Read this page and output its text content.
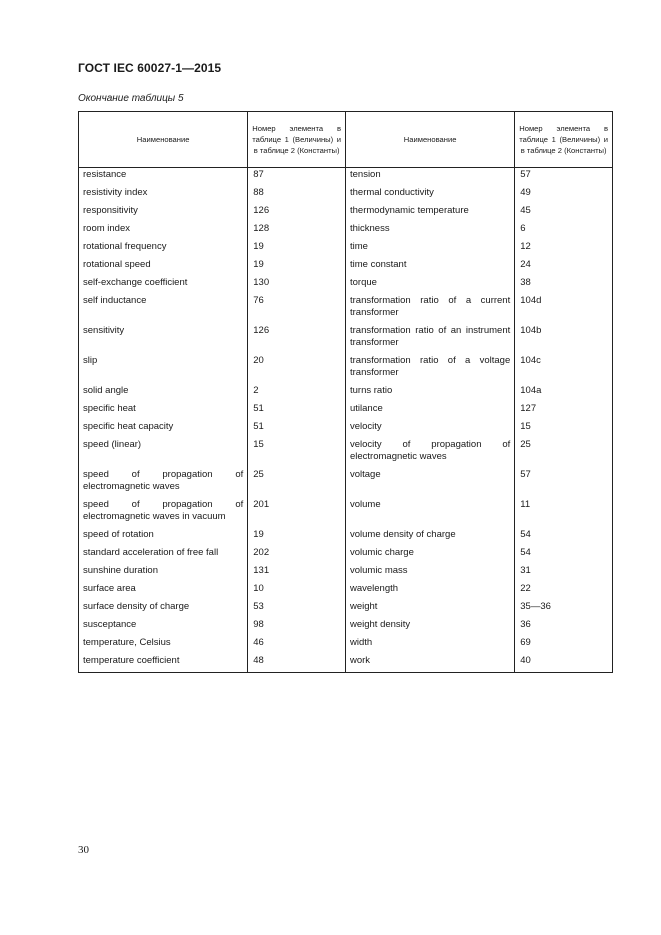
ГОСТ IEC 60027-1—2015
Окончание таблицы 5
Наименование	Номер элемента в таблице 1 (Величины) и в таблице 2 (Константы)	Наименование	Номер элемента в таблице 1 (Величины) и в таблице 2 (Константы)
resistance	87	tension	57
resistivity index	88	thermal conductivity	49
responsitivity	126	thermodynamic temperature	45
room index	128	thickness	6
rotational frequency	19	time	12
rotational speed	19	time constant	24
self-exchange coefficient	130	torque	38
self inductance	76	transformation ratio of a current transformer	104d
sensitivity	126	transformation ratio of an instrument transformer	104b
slip	20	transformation ratio of a voltage transformer	104c
solid angle	2	turns ratio	104a
specific heat	51	utilance	127
specific heat capacity	51	velocity	15
speed (linear)	15	velocity of propagation of electromagnetic waves	25
speed of propagation of electromagnetic waves	25	voltage	57
speed of propagation of electromagnetic waves in vacuum	201	volume	11
speed of rotation	19	volume density of charge	54
standard acceleration of free fall	202	volumic charge	54
sunshine duration	131	volumic mass	31
surface area	10	wavelength	22
surface density of charge	53	weight	35—36
susceptance	98	weight density	36
temperature, Celsius	46	width	69
temperature coefficient	48	work	40
30
